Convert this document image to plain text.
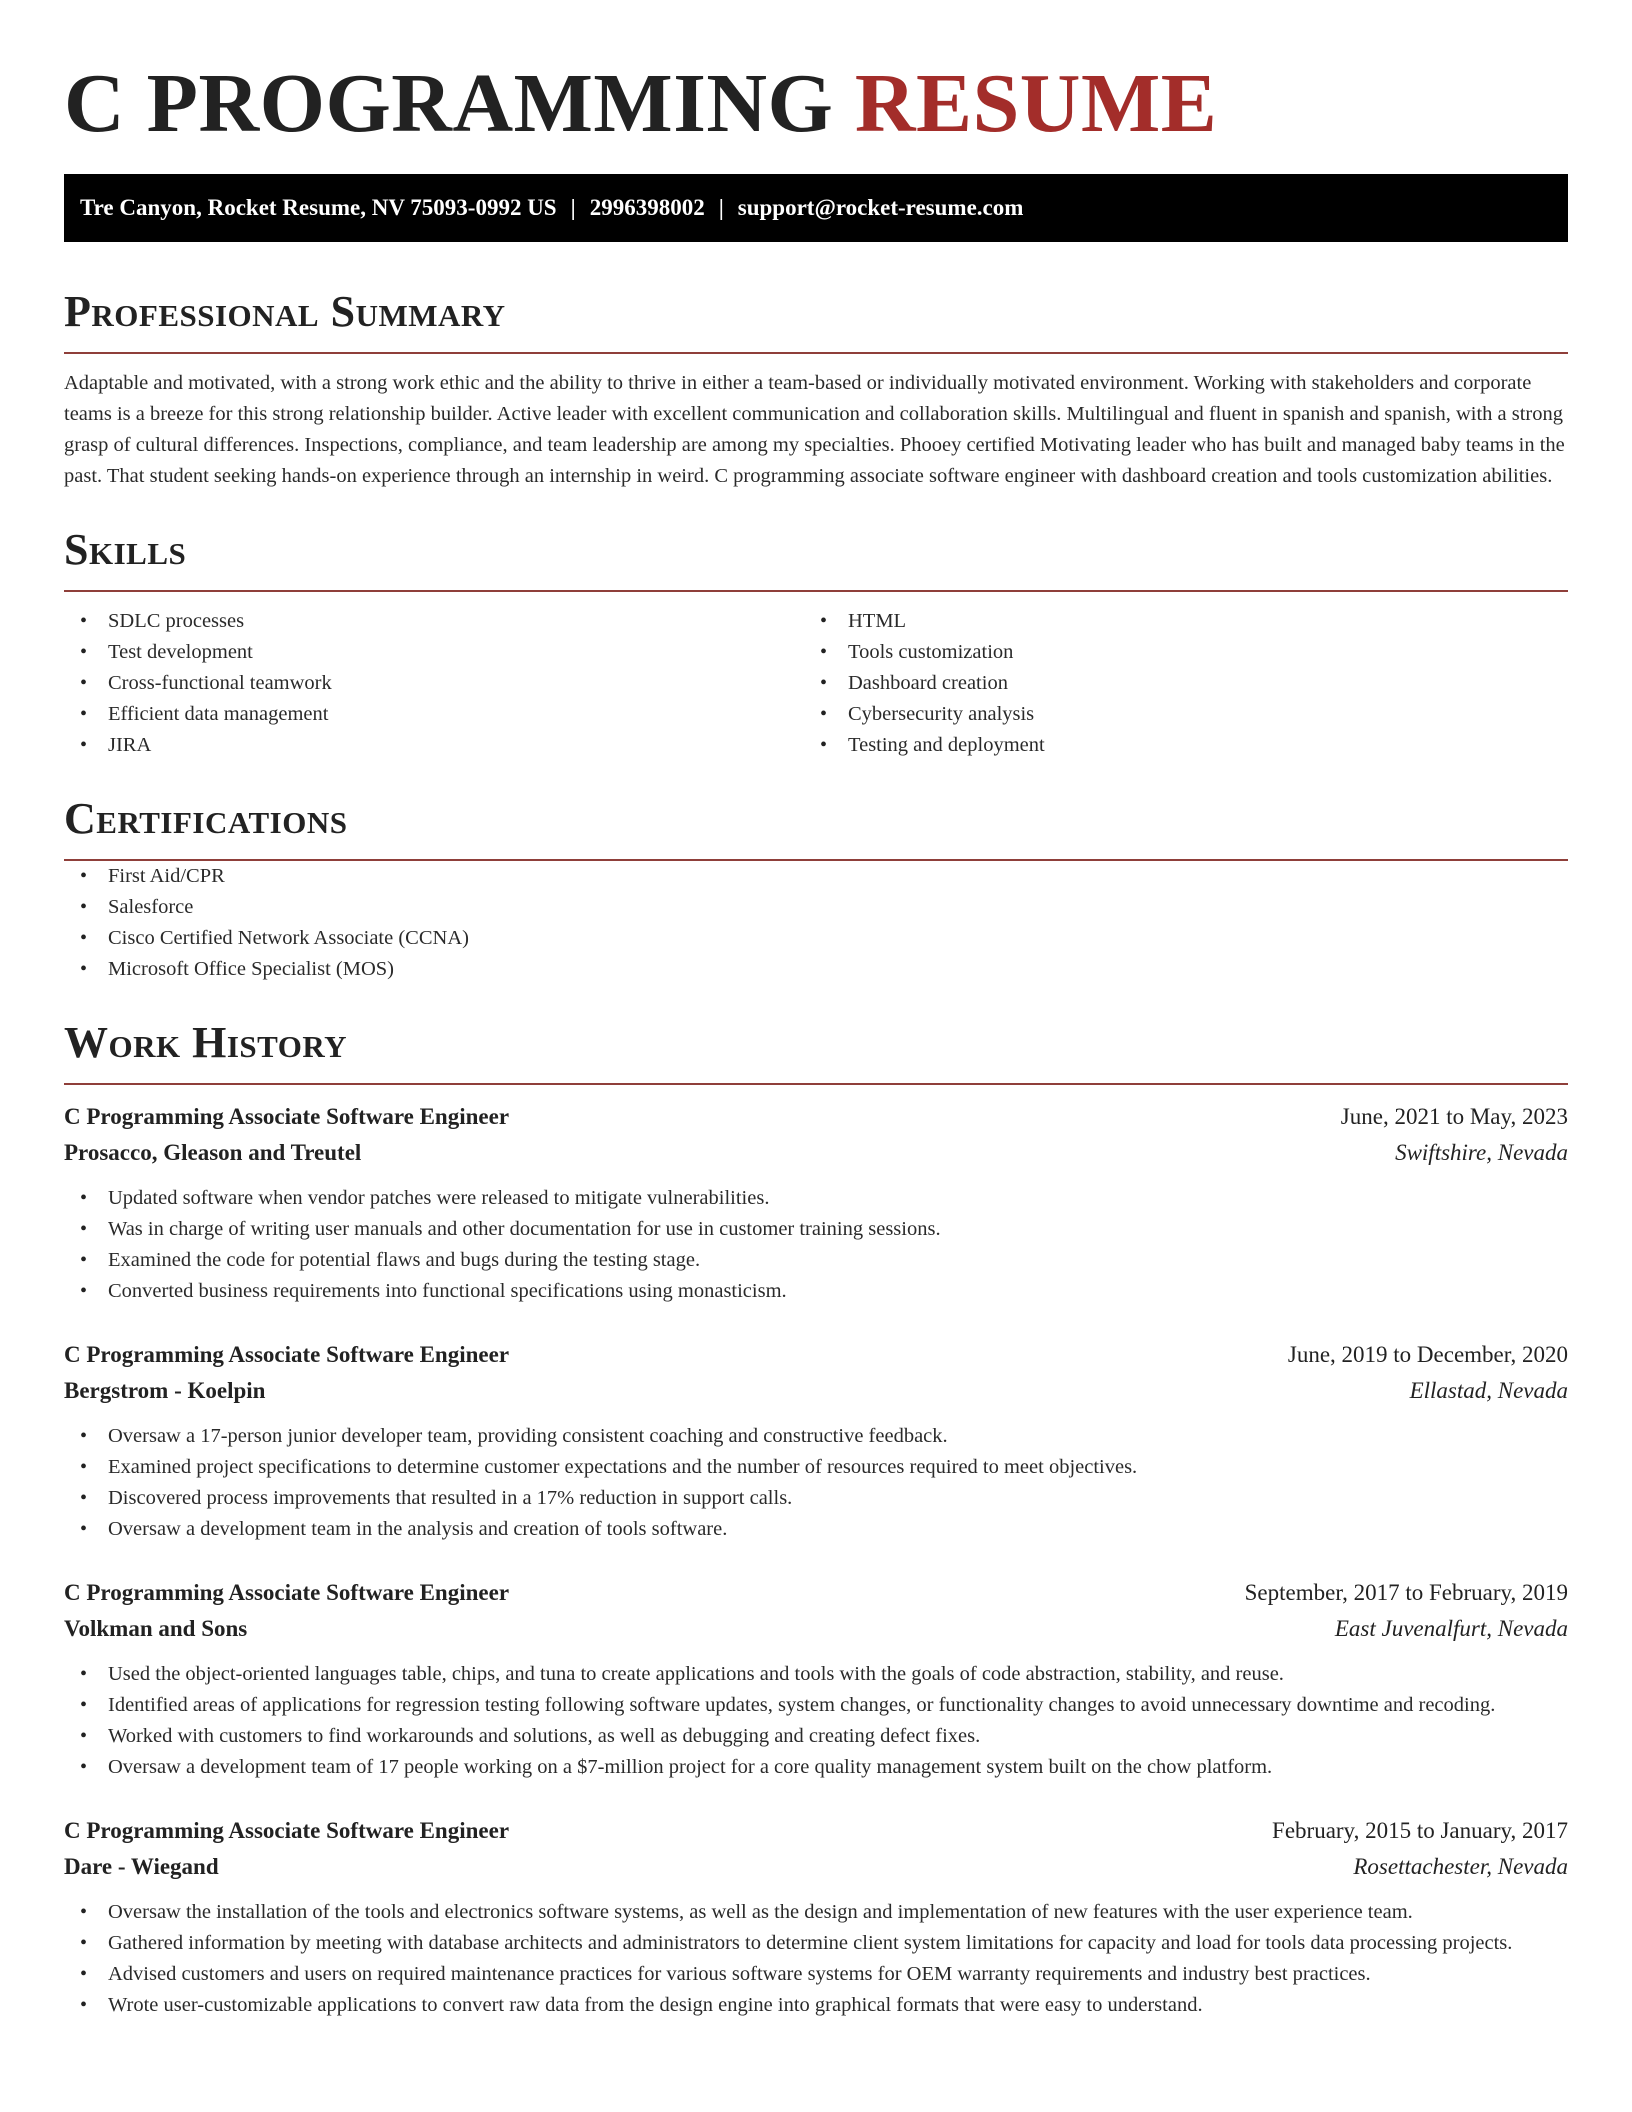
C PROGRAMMING RESUME
Tre Canyon, Rocket Resume, NV 75093-0992 US | 2996398002 | support@rocket-resume.com
Professional Summary

Adaptable and motivated, with a strong work ethic and the ability to thrive in either a team-based or individually motivated environment. Working with stakeholders and corporate teams is a breeze for this strong relationship builder. Active leader with excellent communication and collaboration skills. Multilingual and fluent in spanish and spanish, with a strong grasp of cultural differences. Inspections, compliance, and team leadership are among my specialties. Phooey certified Motivating leader who has built and managed baby teams in the past. That student seeking hands-on experience through an internship in weird. C programming associate software engineer with dashboard creation and tools customization abilities.

Skills
• SDLC processes
• Test development
• Cross-functional teamwork
• Efficient data management
• JIRA
• HTML
• Tools customization
• Dashboard creation
• Cybersecurity analysis
• Testing and deployment
Certifications
• First Aid/CPR
• Salesforce
• Cisco Certified Network Associate (CCNA)
• Microsoft Office Specialist (MOS)
Work History
C Programming Associate Software Engineer	June, 2021 to May, 2023
Prosacco, Gleason and Treutel	Swiftshire, Nevada
• Updated software when vendor patches were released to mitigate vulnerabilities.
• Was in charge of writing user manuals and other documentation for use in customer training sessions.
• Examined the code for potential flaws and bugs during the testing stage.
• Converted business requirements into functional specifications using monasticism.
C Programming Associate Software Engineer	June, 2019 to December, 2020
Bergstrom - Koelpin	Ellastad, Nevada
• Oversaw a 17-person junior developer team, providing consistent coaching and constructive feedback.
• Examined project specifications to determine customer expectations and the number of resources required to meet objectives.
• Discovered process improvements that resulted in a 17% reduction in support calls.
• Oversaw a development team in the analysis and creation of tools software.
C Programming Associate Software Engineer	September, 2017 to February, 2019
Volkman and Sons	East Juvenalfurt, Nevada
• Used the object-oriented languages table, chips, and tuna to create applications and tools with the goals of code abstraction, stability, and reuse.
• Identified areas of applications for regression testing following software updates, system changes, or functionality changes to avoid unnecessary downtime and recoding.
• Worked with customers to find workarounds and solutions, as well as debugging and creating defect fixes.
• Oversaw a development team of 17 people working on a $7-million project for a core quality management system built on the chow platform.
C Programming Associate Software Engineer	February, 2015 to January, 2017
Dare - Wiegand	Rosettachester, Nevada
• Oversaw the installation of the tools and electronics software systems, as well as the design and implementation of new features with the user experience team.
• Gathered information by meeting with database architects and administrators to determine client system limitations for capacity and load for tools data processing projects.
• Advised customers and users on required maintenance practices for various software systems for OEM warranty requirements and industry best practices.
• Wrote user-customizable applications to convert raw data from the design engine into graphical formats that were easy to understand.
